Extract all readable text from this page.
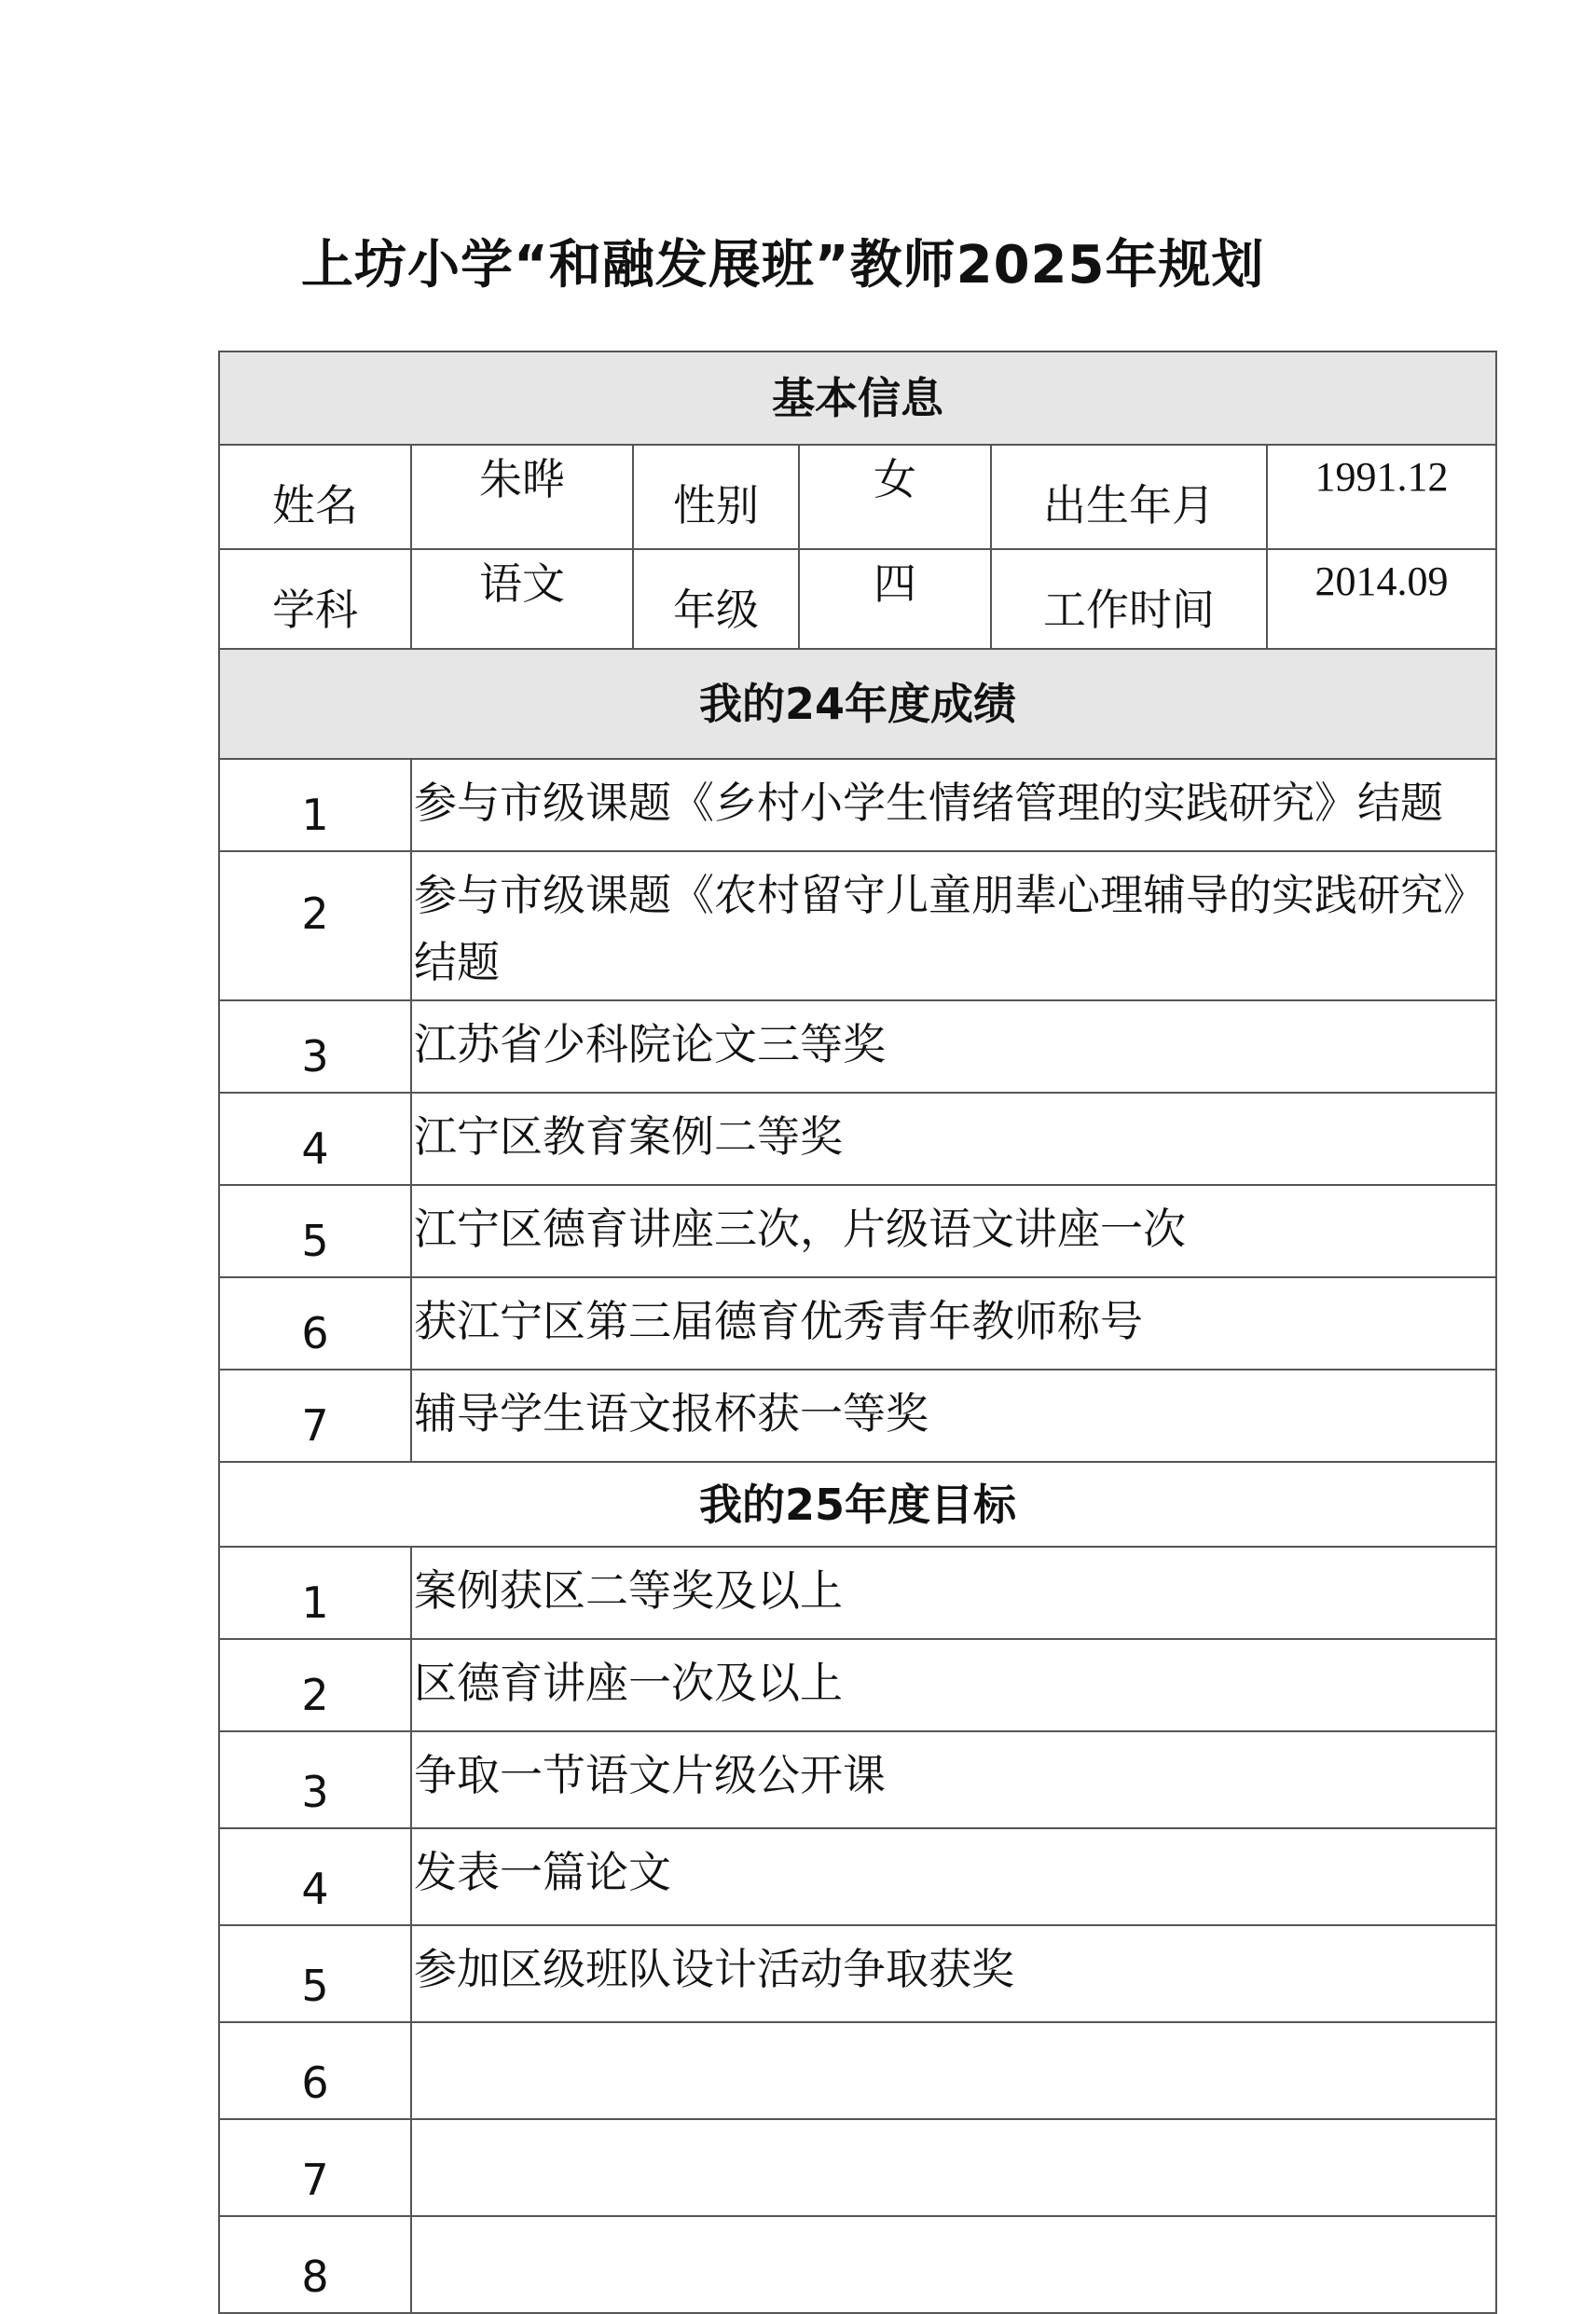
上坊小学“和融发展班”教师2025年规划
基本信息					
姓名	朱晔	性别	女	出生年月	1991.12
学科	语文	年级	四	工作时间	2014.09
我的24年度成绩					
1	参与市级课题《乡村小学生情绪管理的实践研究》结题				
2	参与市级课题《农村留守儿童朋辈心理辅导的实践研究》结题				
3	江苏省少科院论文三等奖				
4	江宁区教育案例二等奖				
5	江宁区德育讲座三次，片级语文讲座一次				
6	获江宁区第三届德育优秀青年教师称号				
7	辅导学生语文报杯获一等奖				
我的25年度目标					
1	案例获区二等奖及以上				
2	区德育讲座一次及以上				
3	争取一节语文片级公开课				
4	发表一篇论文				
5	参加区级班队设计活动争取获奖				
6					
7					
8					
